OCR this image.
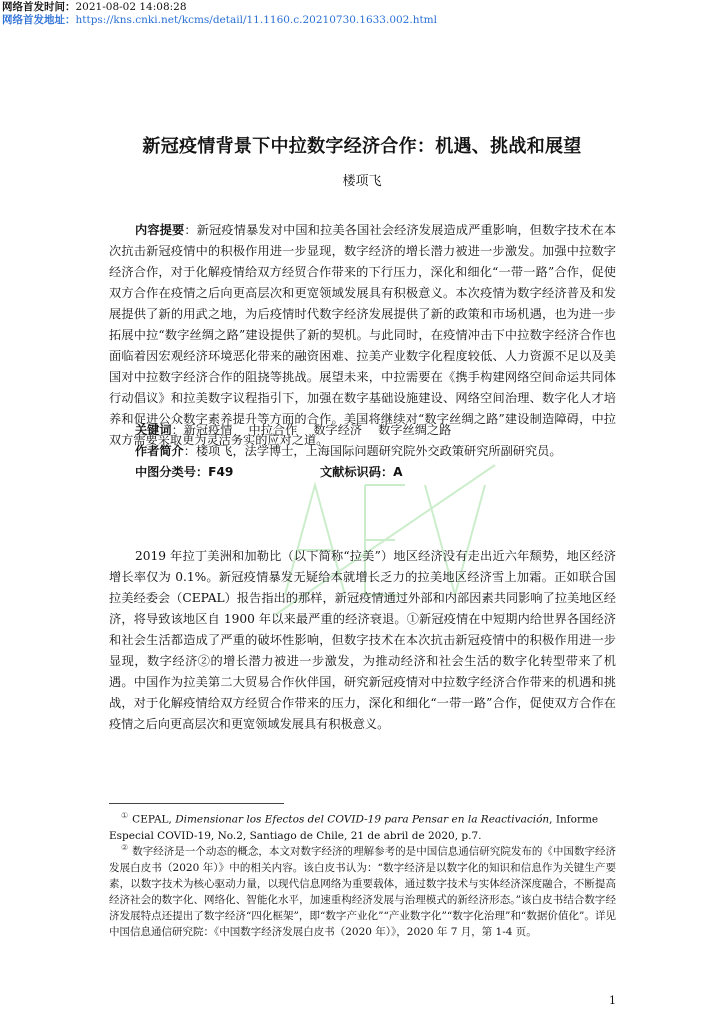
网络首发时间：2021-08-02 14:08:28
网络首发地址：https://kns.cnki.net/kcms/detail/11.1160.c.20210730.1633.002.html
新冠疫情背景下中拉数字经济合作：机遇、挑战和展望
楼项飞
内容提要：新冠疫情暴发对中国和拉美各国社会经济发展造成严重影响，但数字技术在本次抗击新冠疫情中的积极作用进一步显现，数字经济的增长潜力被进一步激发。加强中拉数字经济合作，对于化解疫情给双方经贸合作带来的下行压力，深化和细化“一带一路”合作，促使双方合作在疫情之后向更高层次和更宽领域发展具有积极意义。本次疫情为数字经济普及和发展提供了新的用武之地，为后疫情时代数字经济发展提供了新的政策和市场机遇，也为进一步拓展中拉“数字丝绸之路”建设提供了新的契机。与此同时，在疫情冲击下中拉数字经济合作也面临着因宏观经济环境恶化带来的融资困难、拉美产业数字化程度较低、人力资源不足以及美国对中拉数字经济合作的阻挠等挑战。展望未来，中拉需要在《携手构建网络空间命运共同体行动倡议》和拉美数字议程指引下，加强在数字基础设施建设、网络空间治理、数字化人才培养和促进公众数字素养提升等方面的合作。美国将继续对“数字丝绸之路”建设制造障碍，中拉双方需要采取更为灵活务实的应对之道。
关键词：新冠疫情　 中拉合作　 数字经济　 数字丝绸之路
作者简介：楼项飞，法学博士，上海国际问题研究院外交政策研究所副研究员。
中图分类号：F49	文献标识码：A
2019 年拉丁美洲和加勒比（以下简称“拉美”）地区经济没有走出近六年颓势，地区经济增长率仅为 0.1%。新冠疫情暴发无疑给本就增长乏力的拉美地区经济雪上加霜。正如联合国拉美经委会（CEPAL）报告指出的那样，新冠疫情通过外部和内部因素共同影响了拉美地区经济，将导致该地区自 1900 年以来最严重的经济衰退。①新冠疫情在中短期内给世界各国经济和社会生活都造成了严重的破坏性影响，但数字技术在本次抗击新冠疫情中的积极作用进一步显现，数字经济②的增长潜力被进一步激发，为推动经济和社会生活的数字化转型带来了机遇。中国作为拉美第二大贸易合作伙伴国，研究新冠疫情对中拉数字经济合作带来的机遇和挑战，对于化解疫情给双方经贸合作带来的压力，深化和细化“一带一路”合作，促使双方合作在疫情之后向更高层次和更宽领域发展具有积极意义。
① CEPAL, Dimensionar los Efectos del COVID-19 para Pensar en la Reactivación, Informe Especial COVID-19, No.2, Santiago de Chile, 21 de abril de 2020, p.7.
② 数字经济是一个动态的概念，本文对数字经济的理解参考的是中国信息通信研究院发布的《中国数字经济发展白皮书（2020 年）》中的相关内容。该白皮书认为：“数字经济是以数字化的知识和信息作为关键生产要素，以数字技术为核心驱动力量，以现代信息网络为重要载体，通过数字技术与实体经济深度融合，不断提高经济社会的数字化、网络化、智能化水平，加速重构经济发展与治理模式的新经济形态。”该白皮书结合数字经济发展特点还提出了数字经济“四化框架”，即“数字产业化”“产业数字化”“数字化治理”和“数据价值化”。详见中国信息通信研究院：《中国数字经济发展白皮书（2020 年）》，2020 年 7 月，第 1-4 页。
1
